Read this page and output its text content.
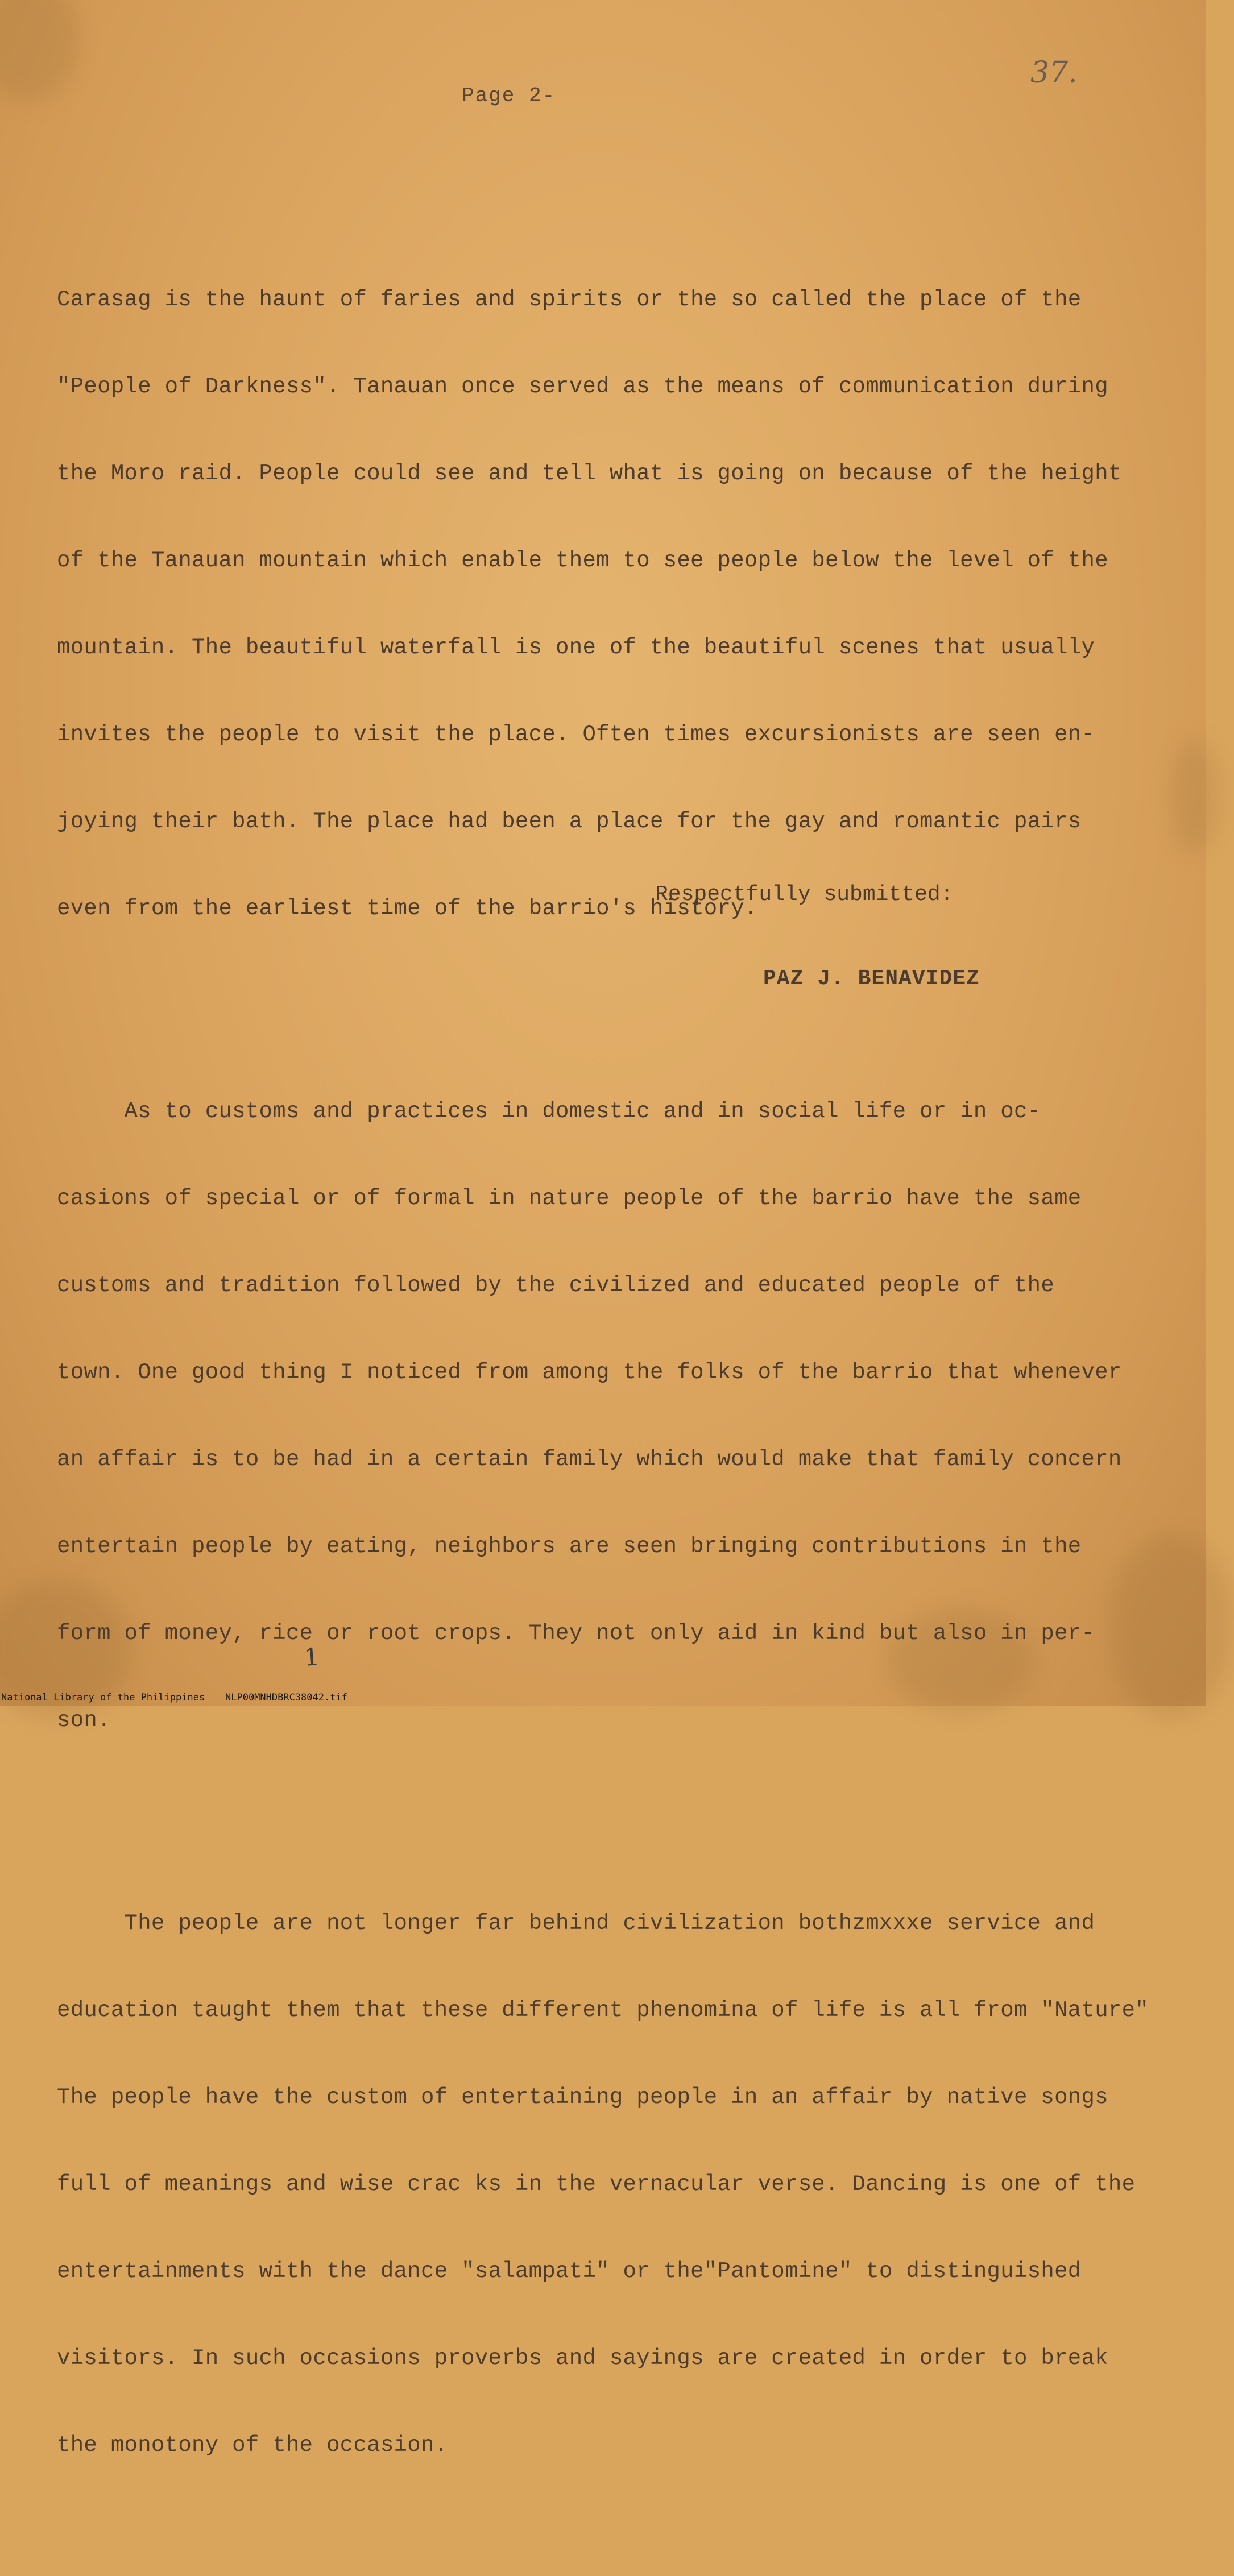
Page 2-
37.

Carasag is the haunt of faries and spirits or the so called the place of the

"People of Darkness". Tanauan once served as the means of communication during

the Moro raid. People could see and tell what is going on because of the height

of the Tanauan mountain which enable them to see people below the level of the

mountain. The beautiful waterfall is one of the beautiful scenes that usually

invites the people to visit the place. Often times excursionists are seen en-

joying their bath. The place had been a place for the gay and romantic pairs

even from the earliest time of the barrio's history.

As to customs and practices in domestic and in social life or in oc-

casions of special or of formal in nature people of the barrio have the same

customs and tradition followed by the civilized and educated people of the

town. One good thing I noticed from among the folks of the barrio that whenever

an affair is to be had in a certain family which would make that family concern

entertain people by eating, neighbors are seen bringing contributions in the

form of money, rice or root crops. They not only aid in kind but also in per-

son.

The people are not longer far behind civilization bothzmxxxe service and

education taught them that these different phenomina of life is all from "Nature"

The people have the custom of entertaining people in an affair by native songs

full of meanings and wise crac ks in the vernacular verse. Dancing is one of the

entertainments with the dance "salampati" or the"Pantomine" to distinguished

visitors. In such occasions proverbs and sayings are created in order to break

the monotony of the occasion.

Respectfully submitted:
PAZ J. BENAVIDEZ
1

National Library of the Philippines

NLP00MNHDBRC38042.tif
